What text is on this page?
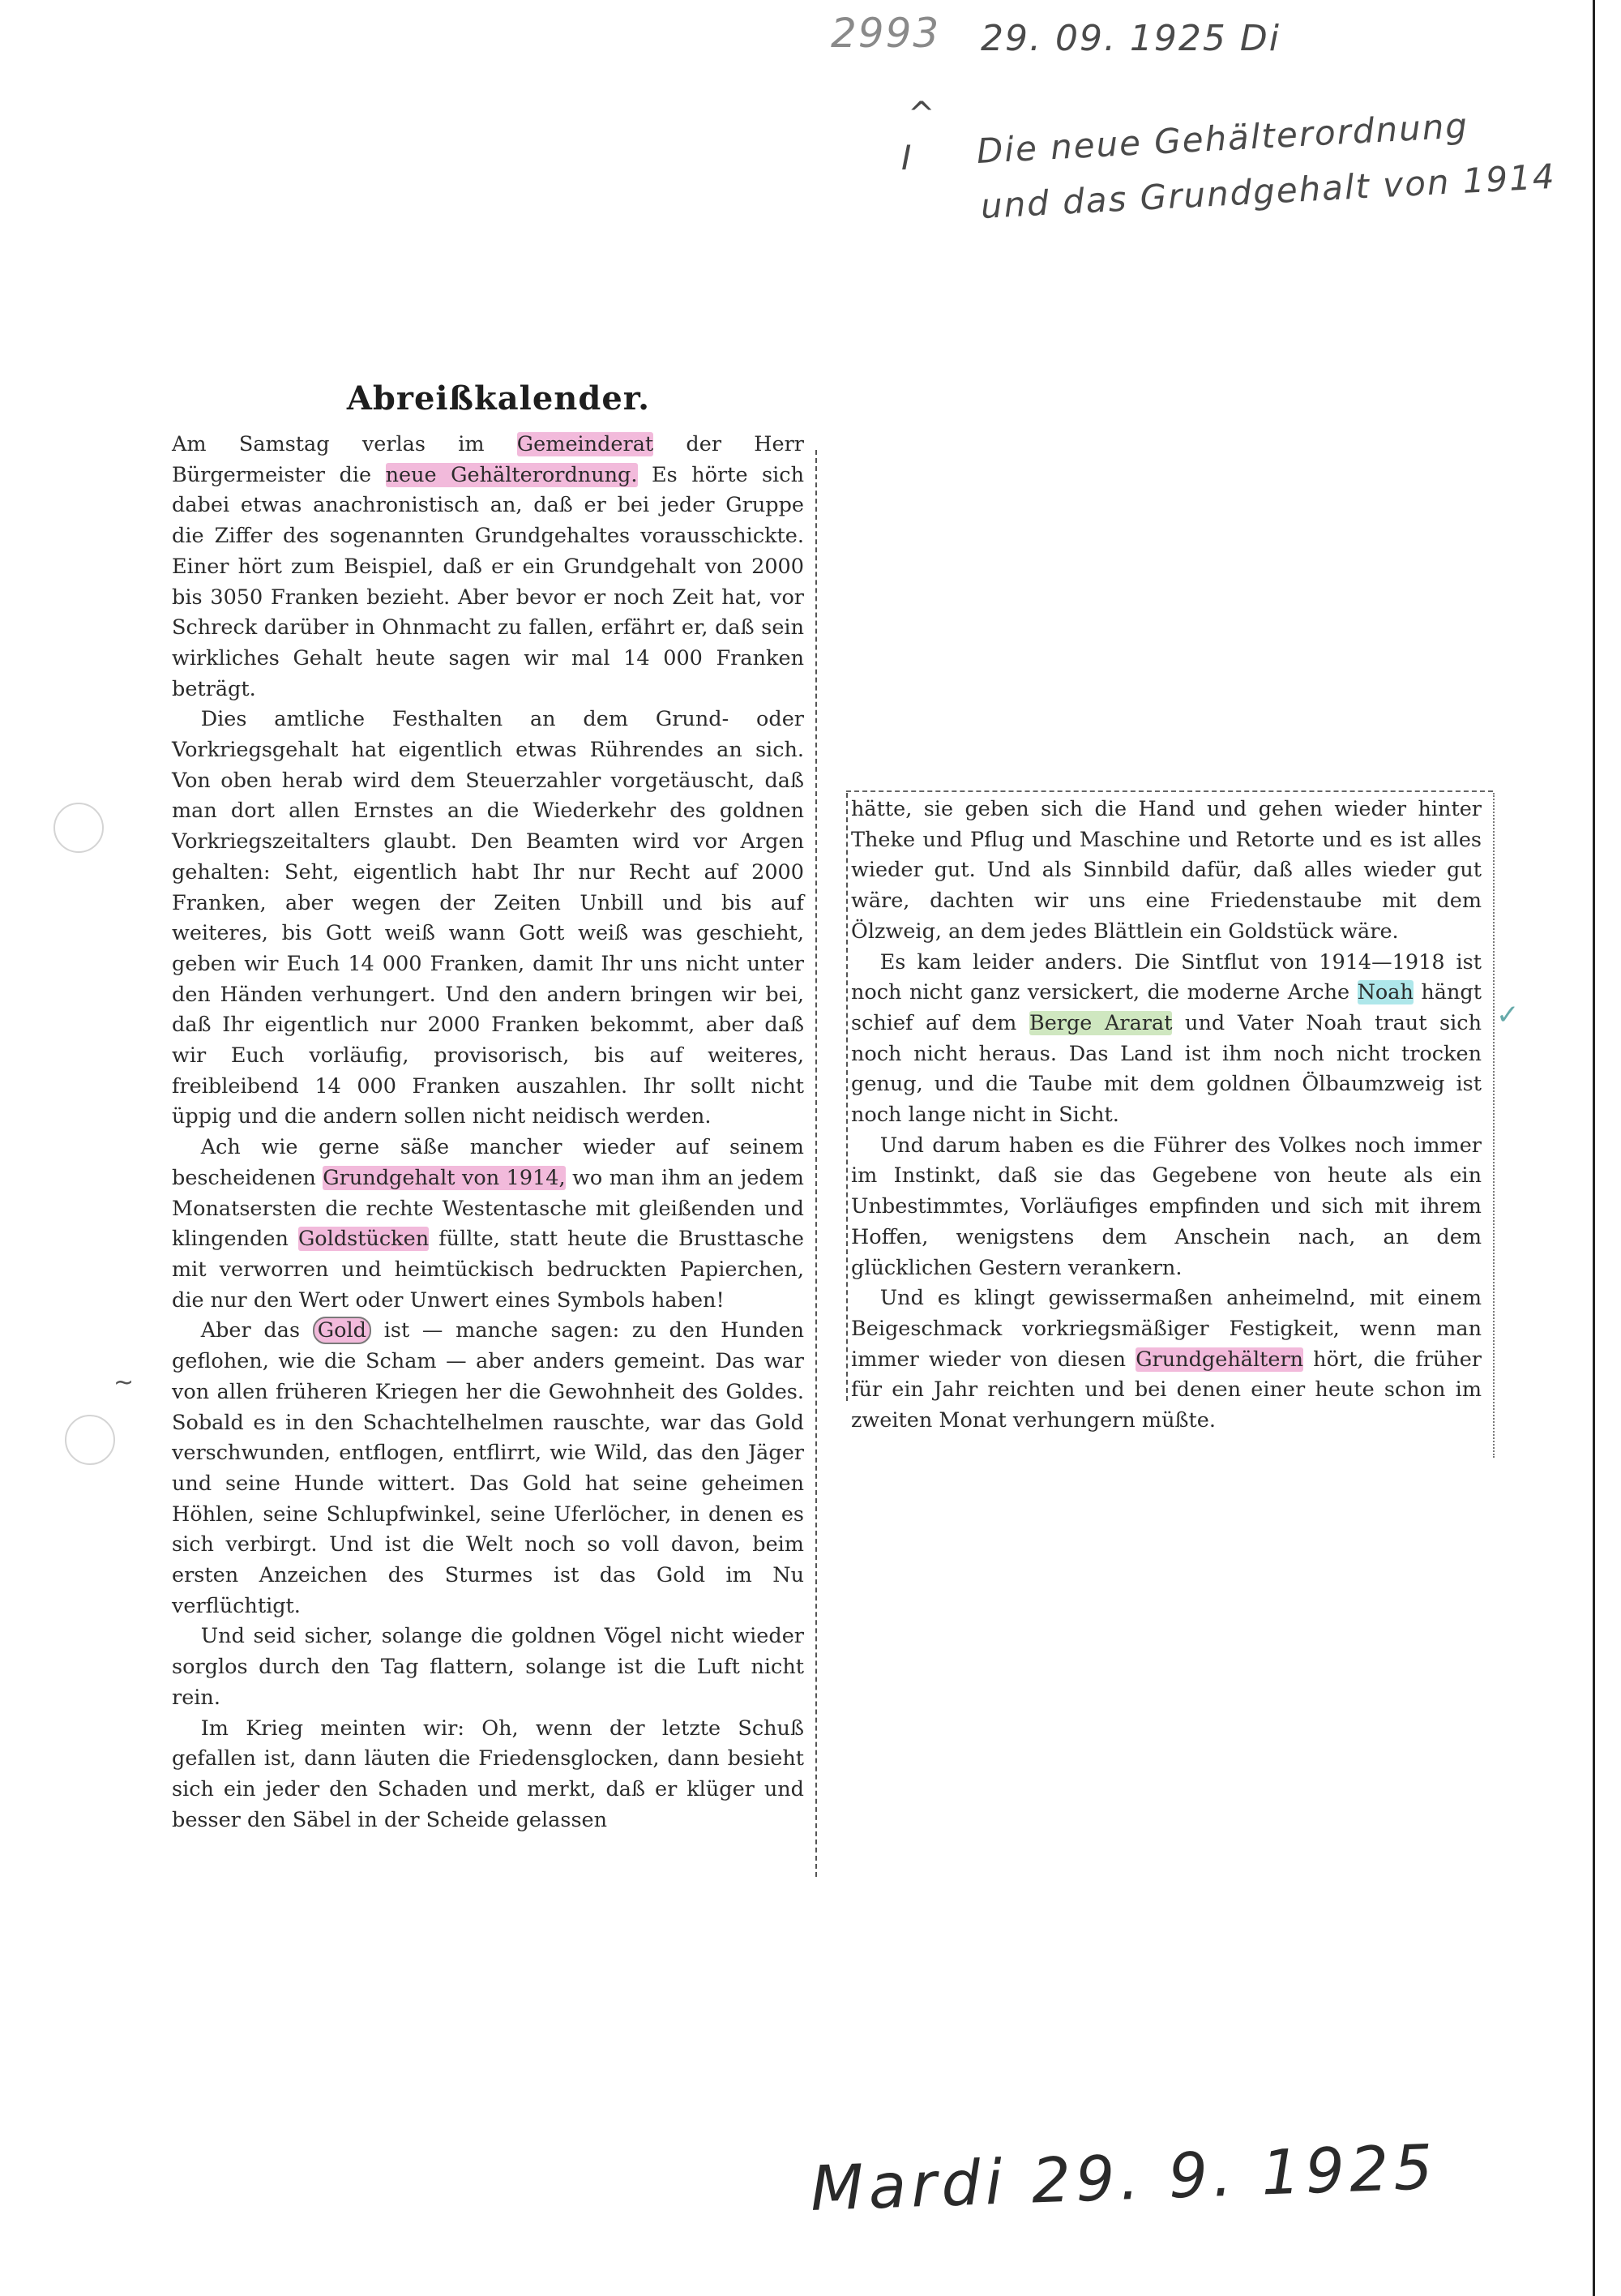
2993 29. 09. 1925 Di
^
I Die neue Gehälterordnung
und das Grundgehalt von 1914
Mardi 29. 9. 1925
~
✓
Abreißkalender.

Am Samstag verlas im Gemeinderat der Herr Bürgermeister die neue Gehälterordnung. Es hörte sich dabei etwas anachronistisch an, daß er bei jeder Gruppe die Ziffer des sogenannten Grundgehaltes vorausschickte. Einer hört zum Beispiel, daß er ein Grundgehalt von 2000 bis 3050 Franken bezieht. Aber bevor er noch Zeit hat, vor Schreck darüber in Ohnmacht zu fallen, erfährt er, daß sein wirkliches Gehalt heute sagen wir mal 14 000 Franken beträgt.

Dies amtliche Festhalten an dem Grund- oder Vorkriegsgehalt hat eigentlich etwas Rührendes an sich. Von oben herab wird dem Steuerzahler vorgetäuscht, daß man dort allen Ernstes an die Wiederkehr des goldnen Vorkriegszeitalters glaubt. Den Beamten wird vor Argen gehalten: Seht, eigentlich habt Ihr nur Recht auf 2000 Franken, aber wegen der Zeiten Unbill und bis auf weiteres, bis Gott weiß wann Gott weiß was geschieht, geben wir Euch 14 000 Franken, damit Ihr uns nicht unter den Händen verhungert. Und den andern bringen wir bei, daß Ihr eigentlich nur 2000 Franken bekommt, aber daß wir Euch vorläufig, provisorisch, bis auf weiteres, freibleibend 14 000 Franken auszahlen. Ihr sollt nicht üppig und die andern sollen nicht neidisch werden.

Ach wie gerne säße mancher wieder auf seinem bescheidenen Grundgehalt von 1914, wo man ihm an jedem Monatsersten die rechte Westentasche mit gleißenden und klingenden Goldstücken füllte, statt heute die Brusttasche mit verworren und heimtückisch bedruckten Papierchen, die nur den Wert oder Unwert eines Symbols haben!

Aber das Gold ist — manche sagen: zu den Hunden geflohen, wie die Scham — aber anders gemeint. Das war von allen früheren Kriegen her die Gewohnheit des Goldes. Sobald es in den Schachtelhelmen rauschte, war das Gold verschwunden, entflogen, entflirrt, wie Wild, das den Jäger und seine Hunde wittert. Das Gold hat seine geheimen Höhlen, seine Schlupfwinkel, seine Uferlöcher, in denen es sich verbirgt. Und ist die Welt noch so voll davon, beim ersten Anzeichen des Sturmes ist das Gold im Nu verflüchtigt.

Und seid sicher, solange die goldnen Vögel nicht wieder sorglos durch den Tag flattern, solange ist die Luft nicht rein.

Im Krieg meinten wir: Oh, wenn der letzte Schuß gefallen ist, dann läuten die Friedensglocken, dann besieht sich ein jeder den Schaden und merkt, daß er klüger und besser den Säbel in der Scheide gelassen

hätte, sie geben sich die Hand und gehen wieder hinter Theke und Pflug und Maschine und Retorte und es ist alles wieder gut. Und als Sinnbild dafür, daß alles wieder gut wäre, dachten wir uns eine Friedenstaube mit dem Ölzweig, an dem jedes Blättlein ein Goldstück wäre.

Es kam leider anders. Die Sintflut von 1914—1918 ist noch nicht ganz versickert, die moderne Arche Noah hängt schief auf dem Berge Ararat und Vater Noah traut sich noch nicht heraus. Das Land ist ihm noch nicht trocken genug, und die Taube mit dem goldnen Ölbaumzweig ist noch lange nicht in Sicht.

Und darum haben es die Führer des Volkes noch immer im Instinkt, daß sie das Gegebene von heute als ein Unbestimmtes, Vorläufiges empfinden und sich mit ihrem Hoffen, wenigstens dem Anschein nach, an dem glücklichen Gestern verankern.

Und es klingt gewissermaßen anheimelnd, mit einem Beigeschmack vorkriegsmäßiger Festigkeit, wenn man immer wieder von diesen Grundgehältern hört, die früher für ein Jahr reichten und bei denen einer heute schon im zweiten Monat verhungern müßte.
